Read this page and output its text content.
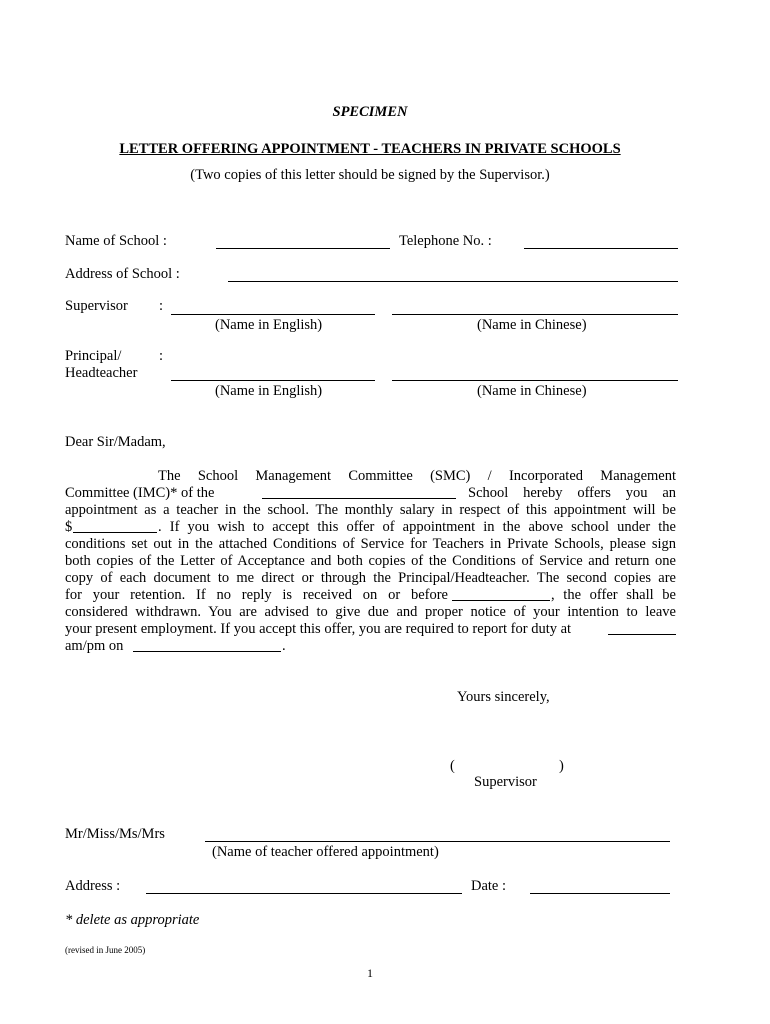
SPECIMEN
LETTER OFFERING APPOINTMENT - TEACHERS IN PRIVATE SCHOOLS
(Two copies of this letter should be signed by the Supervisor.)
Name of School :	Telephone No. :
Address of School :
Supervisor :
(Name in English)	(Name in Chinese)
Principal/	:
Headteacher
(Name in English)	(Name in Chinese)
Dear Sir/Madam,
The School Management Committee (SMC) / Incorporated Management
Committee (IMC)* of the	School hereby offers you an
appointment as a teacher in the school. The monthly salary in respect of this appointment will be
$	. If you wish to accept this offer of appointment in the above school under the
conditions set out in the attached Conditions of Service for Teachers in Private Schools, please sign
both copies of the Letter of Acceptance and both copies of the Conditions of Service and return one
copy of each document to me direct or through the Principal/Headteacher. The second copies are
for your retention. If no reply is received on or before	, the offer shall be
considered withdrawn. You are advised to give due and proper notice of your intention to leave
your present employment. If you accept this offer, you are required to report for duty at
am/pm on	.
Yours sincerely,
(	)
Supervisor
Mr/Miss/Ms/Mrs
(Name of teacher offered appointment)
Address :	Date :
* delete as appropriate
(revised in June 2005)
1
